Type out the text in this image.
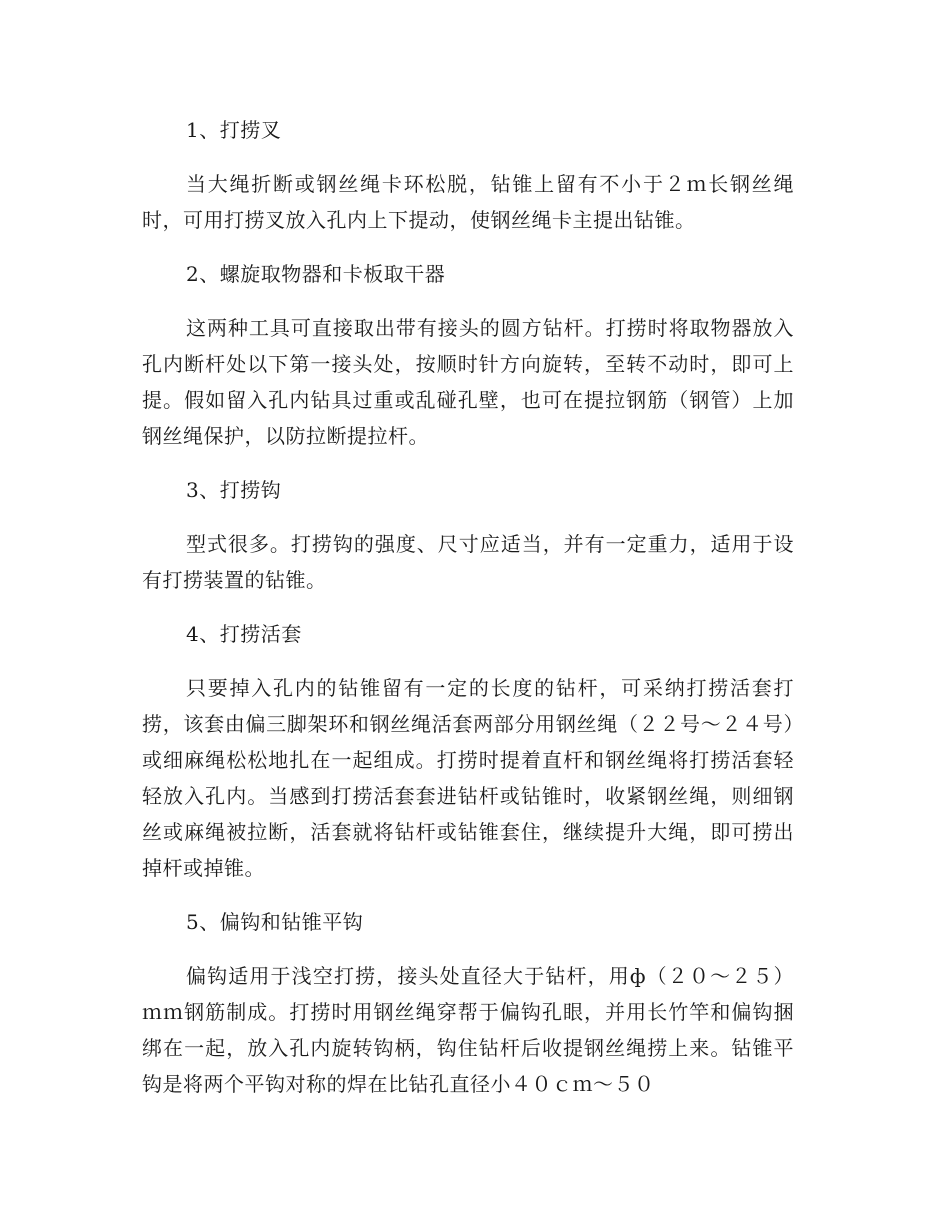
1、打捞叉

当大绳折断或钢丝绳卡环松脱，钻锥上留有不小于２ｍ长钢丝绳时，可用打捞叉放入孔内上下提动，使钢丝绳卡主提出钻锥。

2、螺旋取物器和卡板取干器

这两种工具可直接取出带有接头的圆方钻杆。打捞时将取物器放入孔内断杆处以下第一接头处，按顺时针方向旋转，至转不动时，即可上提。假如留入孔内钻具过重或乱碰孔壁，也可在提拉钢筋（钢管）上加钢丝绳保护，以防拉断提拉杆。

3、打捞钩

型式很多。打捞钩的强度、尺寸应适当，并有一定重力，适用于设有打捞装置的钻锥。

4、打捞活套

只要掉入孔内的钻锥留有一定的长度的钻杆，可采纳打捞活套打捞，该套由偏三脚架环和钢丝绳活套两部分用钢丝绳（２２号～２４号）或细麻绳松松地扎在一起组成。打捞时提着直杆和钢丝绳将打捞活套轻轻放入孔内。当感到打捞活套套进钻杆或钻锥时，收紧钢丝绳，则细钢丝或麻绳被拉断，活套就将钻杆或钻锥套住，继续提升大绳，即可捞出掉杆或掉锥。

5、偏钩和钻锥平钩

偏钩适用于浅空打捞，接头处直径大于钻杆，用ф（２０～２５）ｍｍ钢筋制成。打捞时用钢丝绳穿帮于偏钩孔眼，并用长竹竿和偏钩捆绑在一起，放入孔内旋转钩柄，钩住钻杆后收提钢丝绳捞上来。钻锥平钩是将两个平钩对称的焊在比钻孔直径小４０ｃｍ～５０
